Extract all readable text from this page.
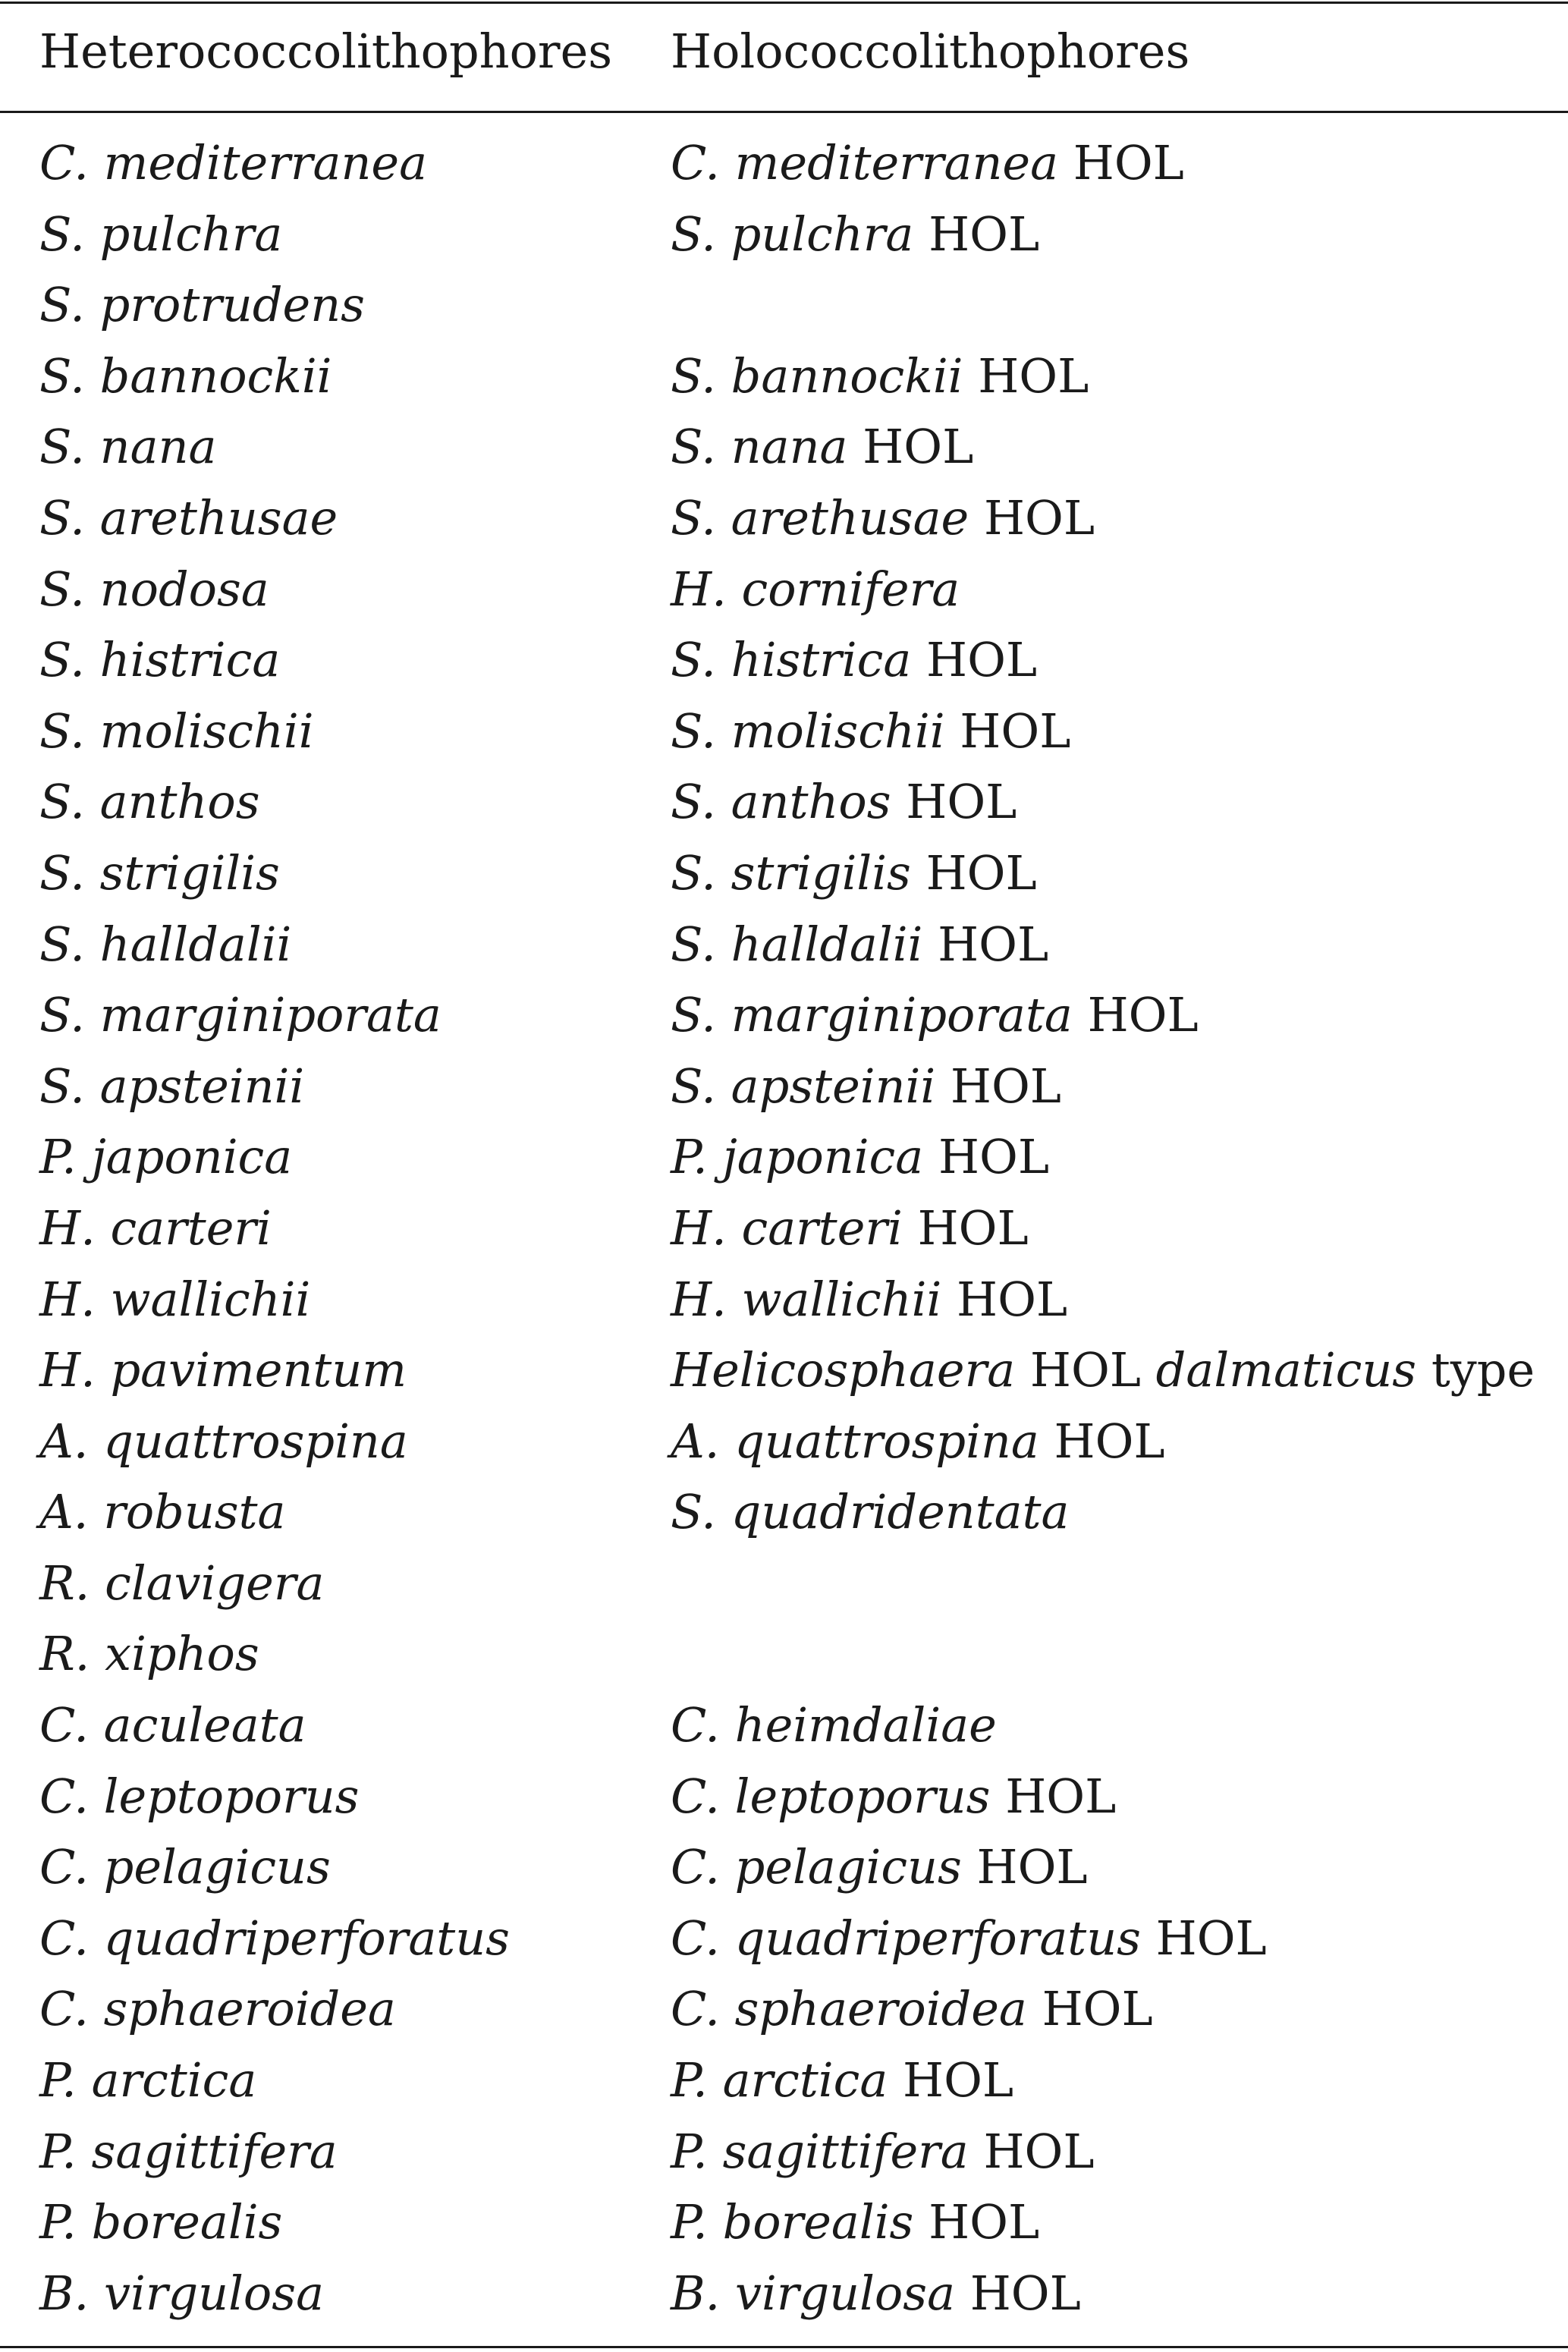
Heterococcolithophores Holococcolithophores
C. mediterranea	C. mediterranea HOL
S. pulchra	S. pulchra HOL
S. protrudens
S. bannockii	S. bannockii HOL
S. nana	S. nana HOL
S. arethusae	S. arethusae HOL
S. nodosa	H. cornifera
S. histrica	S. histrica HOL
S. molischii	S. molischii HOL
S. anthos	S. anthos HOL
S. strigilis	S. strigilis HOL
S. halldalii	S. halldalii HOL
S. marginiporata	S. marginiporata HOL
S. apsteinii	S. apsteinii HOL
P. japonica	P. japonica HOL
H. carteri	H. carteri HOL
H. wallichii	H. wallichii HOL
H. pavimentum	Helicosphaera HOL dalmaticus type
A. quattrospina	A. quattrospina HOL
A. robusta	S. quadridentata
R. clavigera
R. xiphos
C. aculeata	C. heimdaliae
C. leptoporus	C. leptoporus HOL
C. pelagicus	C. pelagicus HOL
C. quadriperforatus	C. quadriperforatus HOL
C. sphaeroidea	C. sphaeroidea HOL
P. arctica	P. arctica HOL
P. sagittifera	P. sagittifera HOL
P. borealis	P. borealis HOL
B. virgulosa	B. virgulosa HOL
